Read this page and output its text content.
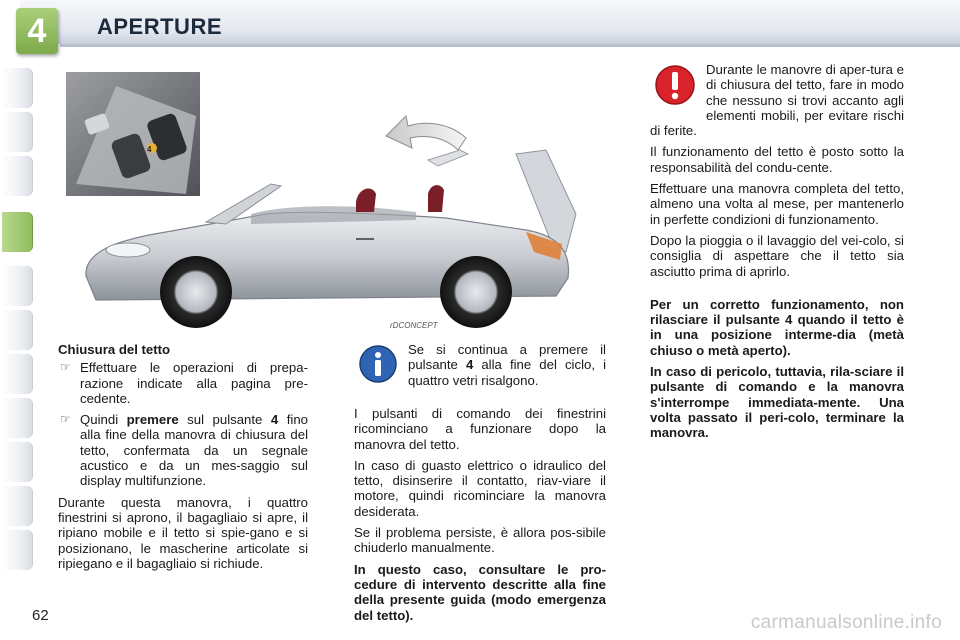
4	APERTURE
4
rDCONCEPT

Chiusura del tetto

☞ Effettuare le operazioni di prepa-razione indicate alla pagina pre-cedente.
☞ Quindi premere sul pulsante 4 fino alla fine della manovra di chiusura del tetto, confermata da un segnale acustico e da un mes-saggio sul display multifunzione.

Durante questa manovra, i quattro finestrini si aprono, il bagagliaio si apre, il ripiano mobile e il tetto si spie-gano e si posizionano, le mascherine articolate si ripiegano e il bagagliaio si richiude.

Se si continua a premere il pulsante 4 alla fine del ciclo, i quattro vetri risalgono.

I pulsanti di comando dei finestrini ricominciano a funzionare dopo la manovra del tetto.

In caso di guasto elettrico o idraulico del tetto, disinserire il contatto, riav-viare il motore, quindi ricominciare la manovra desiderata.

Se il problema persiste, è allora pos-sibile chiuderlo manualmente.

In questo caso, consultare le pro-cedure di intervento descritte alla fine della presente guida (modo emergenza del tetto).

Durante le manovre di aper-tura e di chiusura del tetto, fare in modo che nessuno si trovi accanto agli elementi mobili, per evitare rischi di ferite.

Il funzionamento del tetto è posto sotto la responsabilità del condu-cente.

Effettuare una manovra completa del tetto, almeno una volta al mese, per mantenerlo in perfette condizioni di funzionamento.

Dopo la pioggia o il lavaggio del vei-colo, si consiglia di aspettare che il tetto sia asciutto prima di aprirlo.

Per un corretto funzionamento, non rilasciare il pulsante 4 quando il tetto è in una posizione interme-dia (metà chiuso o metà aperto).

In caso di pericolo, tuttavia, rila-sciare il pulsante di comando e la manovra s'interrompe immediata-mente. Una volta passato il peri-colo, terminare la manovra.

62	carmanualsonline.info
